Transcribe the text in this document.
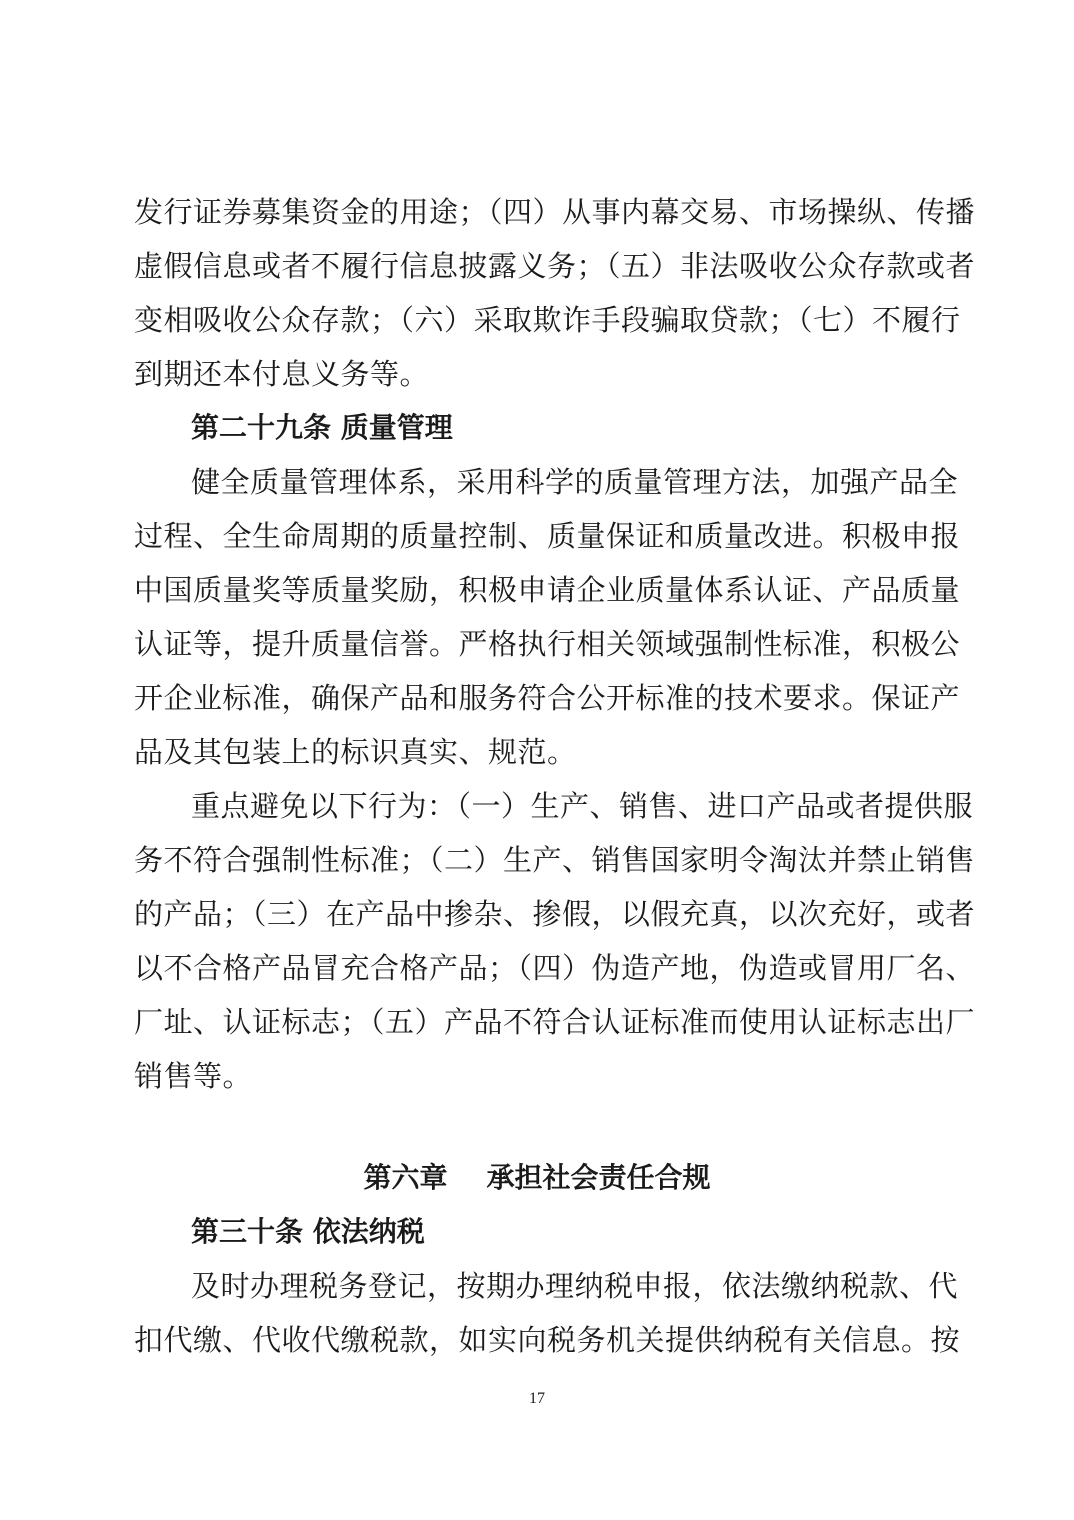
发行证券募集资金的用途；（四）从事内幕交易、市场操纵、传播
虚假信息或者不履行信息披露义务；（五）非法吸收公众存款或者
变相吸收公众存款；（六）采取欺诈手段骗取贷款；（七）不履行
到期还本付息义务等。
第二十九条 质量管理
健全质量管理体系，采用科学的质量管理方法，加强产品全
过程、全生命周期的质量控制、质量保证和质量改进。积极申报
中国质量奖等质量奖励，积极申请企业质量体系认证、产品质量
认证等，提升质量信誉。严格执行相关领域强制性标准，积极公
开企业标准，确保产品和服务符合公开标准的技术要求。保证产
品及其包装上的标识真实、规范。
重点避免以下行为：（一）生产、销售、进口产品或者提供服
务不符合强制性标准；（二）生产、销售国家明令淘汰并禁止销售
的产品；（三）在产品中掺杂、掺假，以假充真，以次充好，或者
以不合格产品冒充合格产品；（四）伪造产地，伪造或冒用厂名、
厂址、认证标志；（五）产品不符合认证标准而使用认证标志出厂
销售等。
第六章    承担社会责任合规
第三十条 依法纳税
及时办理税务登记，按期办理纳税申报，依法缴纳税款、代
扣代缴、代收代缴税款，如实向税务机关提供纳税有关信息。按
17
